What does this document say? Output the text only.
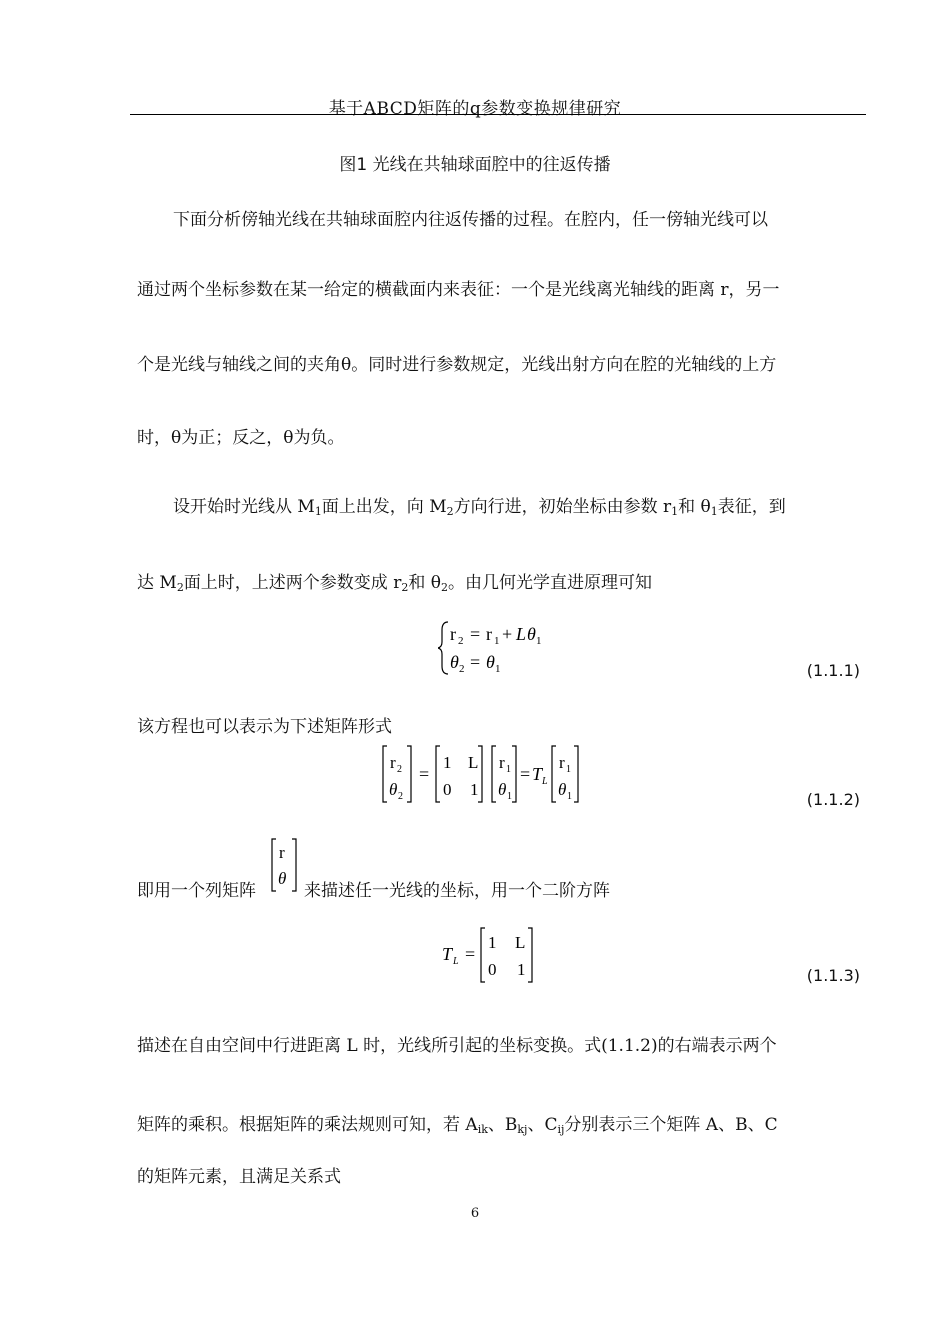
基于ABCD矩阵的q参数变换规律研究
图1 光线在共轴球面腔中的往返传播
下面分析傍轴光线在共轴球面腔内往返传播的过程。在腔内，任一傍轴光线可以
通过两个坐标参数在某一给定的横截面内来表征：一个是光线离光轴线的距离 r，另一
个是光线与轴线之间的夹角θ。同时进行参数规定，光线出射方向在腔的光轴线的上方
时，θ为正；反之，θ为负。
设开始时光线从 $M_1$面上出发，向 $M_2$方向行进，初始坐标由参数 $r_1$和 $\theta_1$表征，到
达 $M_2$面上时，上述两个参数变成 $r_2$和 $\theta_2$。由几何光学直进原理可知
r 2 = r 1 + L θ 1
θ 2 = θ 1	(1.1.1)
该方程也可以表示为下述矩阵形式
r 2
θ 2
=
1 L
0 1
r 1
θ 1
= T L
r 1
θ 1	(1.1.2)
即用一个列矩阵
r
θ
来描述任一光线的坐标，用一个二阶方阵
T L =
1 L
0 1	(1.1.3)
描述在自由空间中行进距离 L 时，光线所引起的坐标变换。式(1.1.2)的右端表示两个
矩阵的乘积。根据矩阵的乘法规则可知，若 $A_{ik}$、$B_{kj}$、$C_{ij}$分别表示三个矩阵 A、B、C
的矩阵元素，且满足关系式
6
